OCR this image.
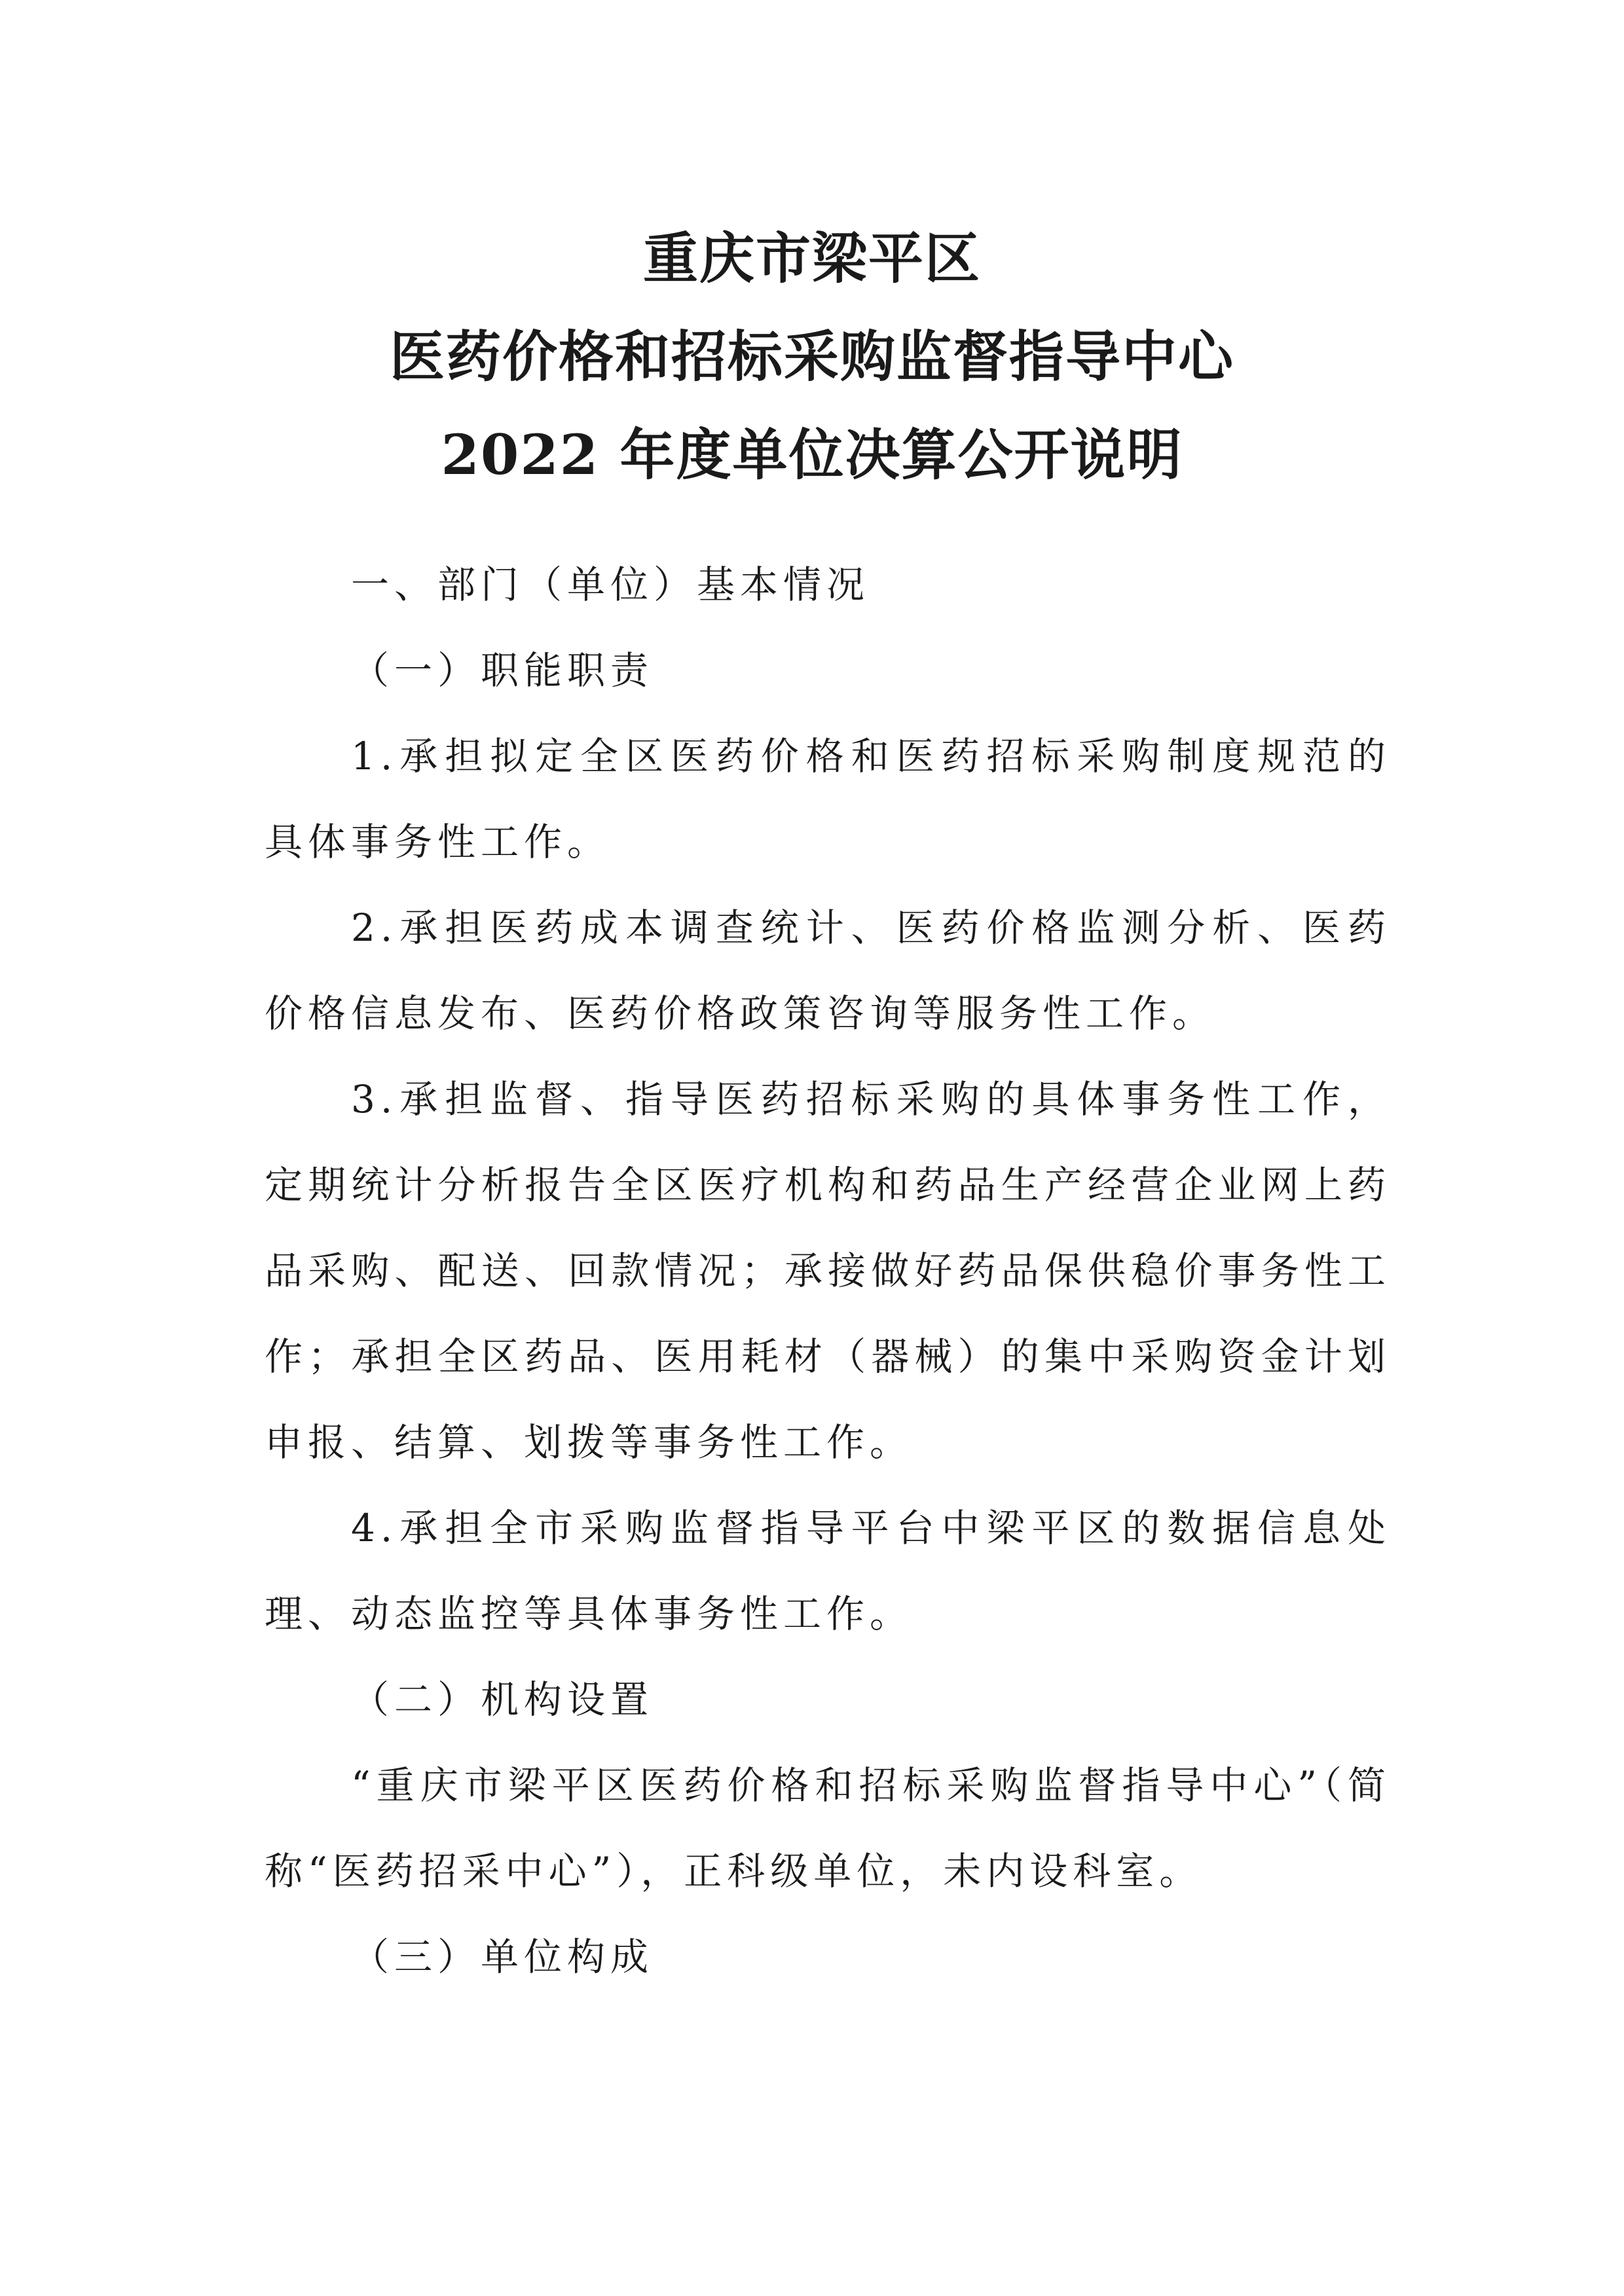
重庆市梁平区
医药价格和招标采购监督指导中心
2022 年度单位决算公开说明

一、部门（单位）基本情况

（一）职能职责

1.承担拟定全区医药价格和医药招标采购制度规范的具体事务性工作。

2.承担医药成本调查统计、医药价格监测分析、医药价格信息发布、医药价格政策咨询等服务性工作。

3.承担监督、指导医药招标采购的具体事务性工作，定期统计分析报告全区医疗机构和药品生产经营企业网上药品采购、配送、回款情况；承接做好药品保供稳价事务性工作；承担全区药品、医用耗材（器械）的集中采购资金计划申报、结算、划拨等事务性工作。

4.承担全市采购监督指导平台中梁平区的数据信息处理、动态监控等具体事务性工作。

（二）机构设置

“重庆市梁平区医药价格和招标采购监督指导中心”（简称“医药招采中心”），正科级单位，未内设科室。

（三）单位构成
